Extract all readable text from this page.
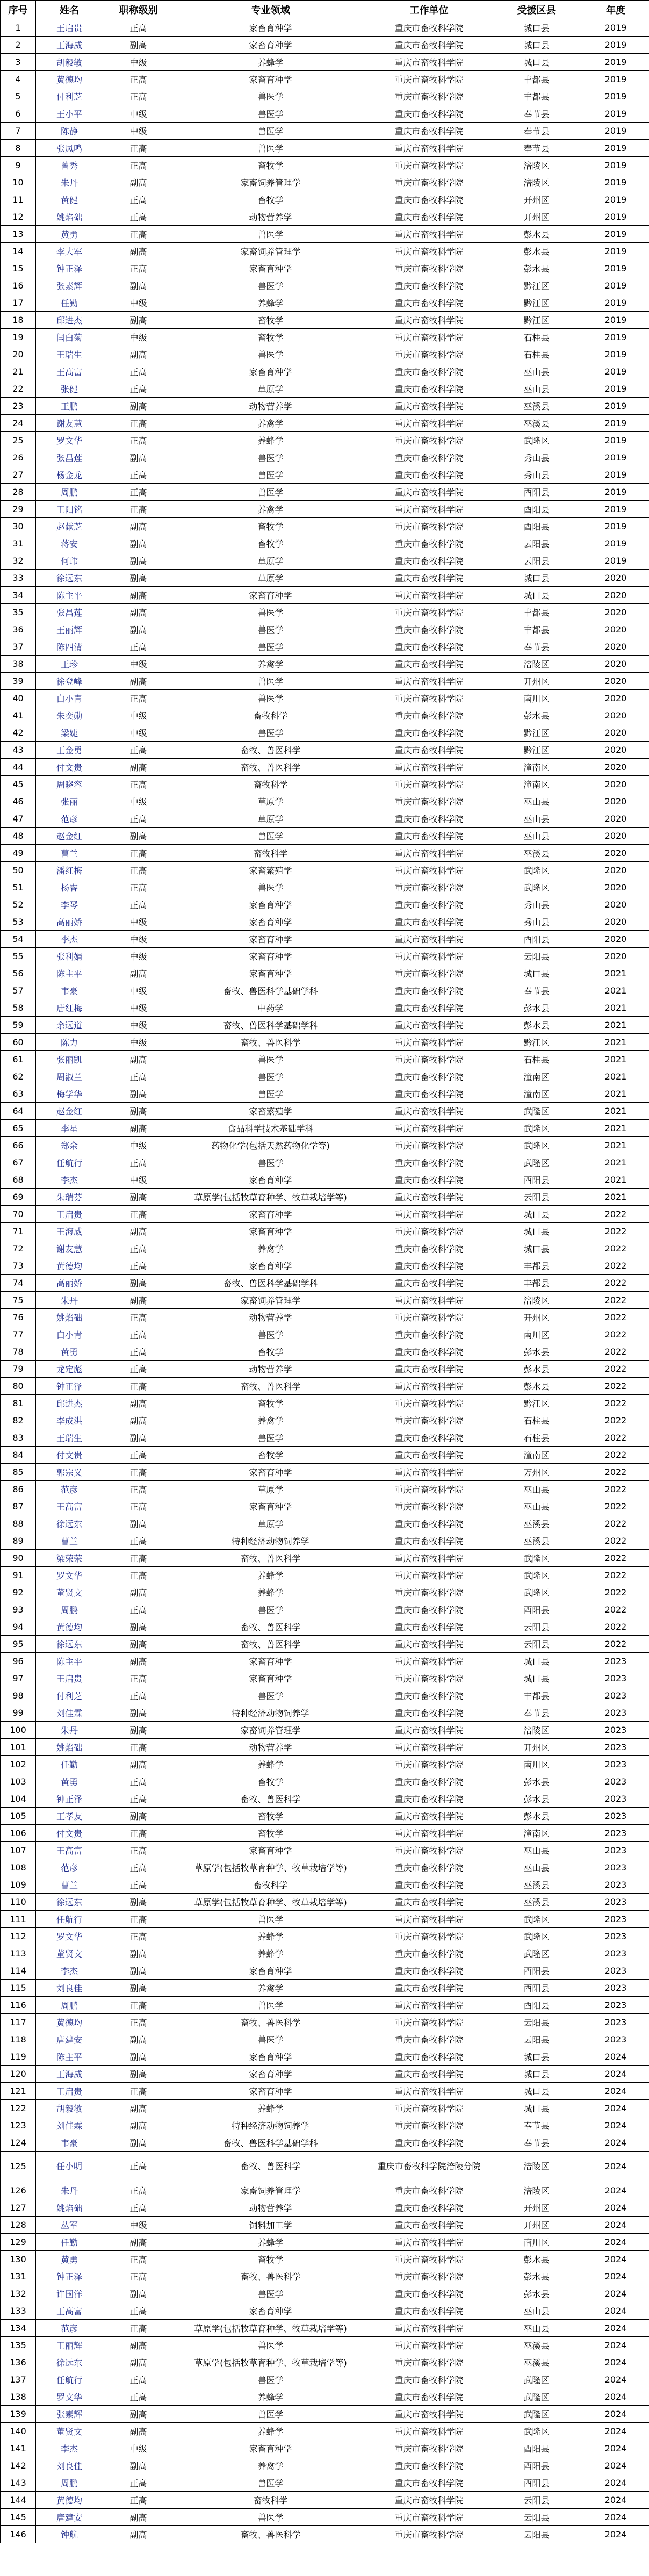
序号	姓名	职称级别	专业领域	工作单位	受援区县	年度
1	王启贵	正高	家畜育种学	重庆市畜牧科学院	城口县	2019
2	王海威	副高	家畜育种学	重庆市畜牧科学院	城口县	2019
3	胡毅敏	中级	养蜂学	重庆市畜牧科学院	城口县	2019
4	黄德均	正高	家畜育种学	重庆市畜牧科学院	丰都县	2019
5	付利芝	正高	兽医学	重庆市畜牧科学院	丰都县	2019
6	王小平	中级	兽医学	重庆市畜牧科学院	奉节县	2019
7	陈静	中级	兽医学	重庆市畜牧科学院	奉节县	2019
8	张凤鸣	正高	兽医学	重庆市畜牧科学院	奉节县	2019
9	曾秀	正高	畜牧学	重庆市畜牧科学院	涪陵区	2019
10	朱丹	副高	家畜饲养管理学	重庆市畜牧科学院	涪陵区	2019
11	黄健	正高	畜牧学	重庆市畜牧科学院	开州区	2019
12	姚焰础	正高	动物营养学	重庆市畜牧科学院	开州区	2019
13	黄勇	正高	兽医学	重庆市畜牧科学院	彭水县	2019
14	李大军	副高	家畜饲养管理学	重庆市畜牧科学院	彭水县	2019
15	钟正泽	正高	家畜育种学	重庆市畜牧科学院	彭水县	2019
16	张素辉	副高	兽医学	重庆市畜牧科学院	黔江区	2019
17	任勤	中级	养蜂学	重庆市畜牧科学院	黔江区	2019
18	邱进杰	副高	畜牧学	重庆市畜牧科学院	黔江区	2019
19	闫白菊	中级	畜牧学	重庆市畜牧科学院	石柱县	2019
20	王瑞生	副高	兽医学	重庆市畜牧科学院	石柱县	2019
21	王高富	正高	家畜育种学	重庆市畜牧科学院	巫山县	2019
22	张健	正高	草原学	重庆市畜牧科学院	巫山县	2019
23	王鹏	副高	动物营养学	重庆市畜牧科学院	巫溪县	2019
24	谢友慧	正高	养禽学	重庆市畜牧科学院	巫溪县	2019
25	罗文华	正高	养蜂学	重庆市畜牧科学院	武隆区	2019
26	张昌莲	副高	兽医学	重庆市畜牧科学院	秀山县	2019
27	杨金龙	正高	兽医学	重庆市畜牧科学院	秀山县	2019
28	周鹏	正高	兽医学	重庆市畜牧科学院	酉阳县	2019
29	王阳铭	正高	养禽学	重庆市畜牧科学院	酉阳县	2019
30	赵献芝	副高	畜牧学	重庆市畜牧科学院	酉阳县	2019
31	蒋安	副高	畜牧学	重庆市畜牧科学院	云阳县	2019
32	何玮	副高	草原学	重庆市畜牧科学院	云阳县	2019
33	徐远东	副高	草原学	重庆市畜牧科学院	城口县	2020
34	陈主平	副高	家畜育种学	重庆市畜牧科学院	城口县	2020
35	张昌莲	副高	兽医学	重庆市畜牧科学院	丰都县	2020
36	王丽辉	副高	兽医学	重庆市畜牧科学院	丰都县	2020
37	陈四清	正高	兽医学	重庆市畜牧科学院	奉节县	2020
38	王珍	中级	养禽学	重庆市畜牧科学院	涪陵区	2020
39	徐登峰	副高	兽医学	重庆市畜牧科学院	开州区	2020
40	白小青	正高	兽医学	重庆市畜牧科学院	南川区	2020
41	朱奕勋	中级	畜牧科学	重庆市畜牧科学院	彭水县	2020
42	梁婕	中级	兽医学	重庆市畜牧科学院	黔江区	2020
43	王金勇	正高	畜牧、兽医科学	重庆市畜牧科学院	黔江区	2020
44	付文贵	副高	畜牧、兽医科学	重庆市畜牧科学院	潼南区	2020
45	周晓容	正高	畜牧科学	重庆市畜牧科学院	潼南区	2020
46	张丽	中级	草原学	重庆市畜牧科学院	巫山县	2020
47	范彦	正高	草原学	重庆市畜牧科学院	巫山县	2020
48	赵金红	副高	兽医学	重庆市畜牧科学院	巫山县	2020
49	曹兰	正高	畜牧科学	重庆市畜牧科学院	巫溪县	2020
50	潘红梅	正高	家畜繁殖学	重庆市畜牧科学院	武隆区	2020
51	杨睿	正高	兽医学	重庆市畜牧科学院	武隆区	2020
52	李琴	正高	家畜育种学	重庆市畜牧科学院	秀山县	2020
53	高丽娇	中级	家畜育种学	重庆市畜牧科学院	秀山县	2020
54	李杰	中级	家畜育种学	重庆市畜牧科学院	酉阳县	2020
55	张利娟	中级	家畜育种学	重庆市畜牧科学院	云阳县	2020
56	陈主平	副高	家畜育种学	重庆市畜牧科学院	城口县	2021
57	韦豪	中级	畜牧、兽医科学基础学科	重庆市畜牧科学院	奉节县	2021
58	唐红梅	中级	中药学	重庆市畜牧科学院	彭水县	2021
59	余远道	中级	畜牧、兽医科学基础学科	重庆市畜牧科学院	彭水县	2021
60	陈力	中级	畜牧、兽医科学	重庆市畜牧科学院	黔江区	2021
61	张丽凯	副高	兽医学	重庆市畜牧科学院	石柱县	2021
62	周淑兰	正高	兽医学	重庆市畜牧科学院	潼南区	2021
63	梅学华	副高	兽医学	重庆市畜牧科学院	潼南区	2021
64	赵金红	副高	家畜繁殖学	重庆市畜牧科学院	武隆区	2021
65	李星	副高	食品科学技术基础学科	重庆市畜牧科学院	武隆区	2021
66	郑余	中级	药物化学(包括天然药物化学等)	重庆市畜牧科学院	武隆区	2021
67	任航行	正高	兽医学	重庆市畜牧科学院	武隆区	2021
68	李杰	中级	家畜育种学	重庆市畜牧科学院	酉阳县	2021
69	朱瑞芬	副高	草原学(包括牧草育种学、牧草栽培学等)	重庆市畜牧科学院	云阳县	2021
70	王启贵	正高	家畜育种学	重庆市畜牧科学院	城口县	2022
71	王海威	副高	家畜育种学	重庆市畜牧科学院	城口县	2022
72	谢友慧	正高	养禽学	重庆市畜牧科学院	城口县	2022
73	黄德均	正高	家畜育种学	重庆市畜牧科学院	丰都县	2022
74	高丽娇	副高	畜牧、兽医科学基础学科	重庆市畜牧科学院	丰都县	2022
75	朱丹	副高	家畜饲养管理学	重庆市畜牧科学院	涪陵区	2022
76	姚焰础	正高	动物营养学	重庆市畜牧科学院	开州区	2022
77	白小青	正高	兽医学	重庆市畜牧科学院	南川区	2022
78	黄勇	正高	畜牧学	重庆市畜牧科学院	彭水县	2022
79	龙定彪	正高	动物营养学	重庆市畜牧科学院	彭水县	2022
80	钟正泽	正高	畜牧、兽医科学	重庆市畜牧科学院	彭水县	2022
81	邱进杰	副高	畜牧学	重庆市畜牧科学院	黔江区	2022
82	李成洪	副高	养禽学	重庆市畜牧科学院	石柱县	2022
83	王瑞生	副高	兽医学	重庆市畜牧科学院	石柱县	2022
84	付文贵	正高	畜牧学	重庆市畜牧科学院	潼南区	2022
85	郭宗义	正高	家畜育种学	重庆市畜牧科学院	万州区	2022
86	范彦	正高	草原学	重庆市畜牧科学院	巫山县	2022
87	王高富	正高	家畜育种学	重庆市畜牧科学院	巫山县	2022
88	徐远东	副高	草原学	重庆市畜牧科学院	巫溪县	2022
89	曹兰	正高	特种经济动物饲养学	重庆市畜牧科学院	巫溪县	2022
90	梁荣荣	正高	畜牧、兽医科学	重庆市畜牧科学院	武隆区	2022
91	罗文华	正高	养蜂学	重庆市畜牧科学院	武隆区	2022
92	董贤文	副高	养蜂学	重庆市畜牧科学院	武隆区	2022
93	周鹏	正高	兽医学	重庆市畜牧科学院	酉阳县	2022
94	黄德均	副高	畜牧、兽医科学	重庆市畜牧科学院	云阳县	2022
95	徐远东	副高	畜牧、兽医科学	重庆市畜牧科学院	云阳县	2022
96	陈主平	副高	家畜育种学	重庆市畜牧科学院	城口县	2023
97	王启贵	正高	家畜育种学	重庆市畜牧科学院	城口县	2023
98	付利芝	正高	兽医学	重庆市畜牧科学院	丰都县	2023
99	刘佳霖	副高	特种经济动物饲养学	重庆市畜牧科学院	奉节县	2023
100	朱丹	副高	家畜饲养管理学	重庆市畜牧科学院	涪陵区	2023
101	姚焰础	正高	动物营养学	重庆市畜牧科学院	开州区	2023
102	任勤	副高	养蜂学	重庆市畜牧科学院	南川区	2023
103	黄勇	正高	畜牧学	重庆市畜牧科学院	彭水县	2023
104	钟正泽	正高	畜牧、兽医科学	重庆市畜牧科学院	彭水县	2023
105	王孝友	副高	畜牧学	重庆市畜牧科学院	彭水县	2023
106	付文贵	正高	畜牧学	重庆市畜牧科学院	潼南区	2023
107	王高富	正高	家畜育种学	重庆市畜牧科学院	巫山县	2023
108	范彦	正高	草原学(包括牧草育种学、牧草栽培学等)	重庆市畜牧科学院	巫山县	2023
109	曹兰	正高	畜牧科学	重庆市畜牧科学院	巫溪县	2023
110	徐远东	副高	草原学(包括牧草育种学、牧草栽培学等)	重庆市畜牧科学院	巫溪县	2023
111	任航行	正高	兽医学	重庆市畜牧科学院	武隆区	2023
112	罗文华	正高	养蜂学	重庆市畜牧科学院	武隆区	2023
113	董贤文	副高	养蜂学	重庆市畜牧科学院	武隆区	2023
114	李杰	副高	家畜育种学	重庆市畜牧科学院	酉阳县	2023
115	刘良佳	副高	养禽学	重庆市畜牧科学院	酉阳县	2023
116	周鹏	正高	兽医学	重庆市畜牧科学院	酉阳县	2023
117	黄德均	正高	畜牧、兽医科学	重庆市畜牧科学院	云阳县	2023
118	唐建安	副高	兽医学	重庆市畜牧科学院	云阳县	2023
119	陈主平	副高	家畜育种学	重庆市畜牧科学院	城口县	2024
120	王海威	副高	家畜育种学	重庆市畜牧科学院	城口县	2024
121	王启贵	正高	家畜育种学	重庆市畜牧科学院	城口县	2024
122	胡毅敏	副高	养蜂学	重庆市畜牧科学院	城口县	2024
123	刘佳霖	副高	特种经济动物饲养学	重庆市畜牧科学院	奉节县	2024
124	韦豪	副高	畜牧、兽医科学基础学科	重庆市畜牧科学院	奉节县	2024
125	任小明	正高	畜牧、兽医科学	重庆市畜牧科学院涪陵分院	涪陵区	2024
126	朱丹	正高	家畜饲养管理学	重庆市畜牧科学院	涪陵区	2024
127	姚焰础	正高	动物营养学	重庆市畜牧科学院	开州区	2024
128	丛军	中级	饲料加工学	重庆市畜牧科学院	开州区	2024
129	任勤	副高	养蜂学	重庆市畜牧科学院	南川区	2024
130	黄勇	正高	畜牧学	重庆市畜牧科学院	彭水县	2024
131	钟正泽	正高	畜牧、兽医科学	重庆市畜牧科学院	彭水县	2024
132	许国洋	副高	兽医学	重庆市畜牧科学院	彭水县	2024
133	王高富	正高	家畜育种学	重庆市畜牧科学院	巫山县	2024
134	范彦	正高	草原学(包括牧草育种学、牧草栽培学等)	重庆市畜牧科学院	巫山县	2024
135	王丽辉	副高	兽医学	重庆市畜牧科学院	巫溪县	2024
136	徐远东	副高	草原学(包括牧草育种学、牧草栽培学等)	重庆市畜牧科学院	巫溪县	2024
137	任航行	正高	兽医学	重庆市畜牧科学院	武隆区	2024
138	罗文华	正高	养蜂学	重庆市畜牧科学院	武隆区	2024
139	张素辉	副高	兽医学	重庆市畜牧科学院	武隆区	2024
140	董贤文	副高	养蜂学	重庆市畜牧科学院	武隆区	2024
141	李杰	中级	家畜育种学	重庆市畜牧科学院	酉阳县	2024
142	刘良佳	副高	养禽学	重庆市畜牧科学院	酉阳县	2024
143	周鹏	正高	兽医学	重庆市畜牧科学院	酉阳县	2024
144	黄德均	正高	畜牧科学	重庆市畜牧科学院	云阳县	2024
145	唐建安	副高	兽医学	重庆市畜牧科学院	云阳县	2024
146	钟航	副高	畜牧、兽医科学	重庆市畜牧科学院	云阳县	2024
